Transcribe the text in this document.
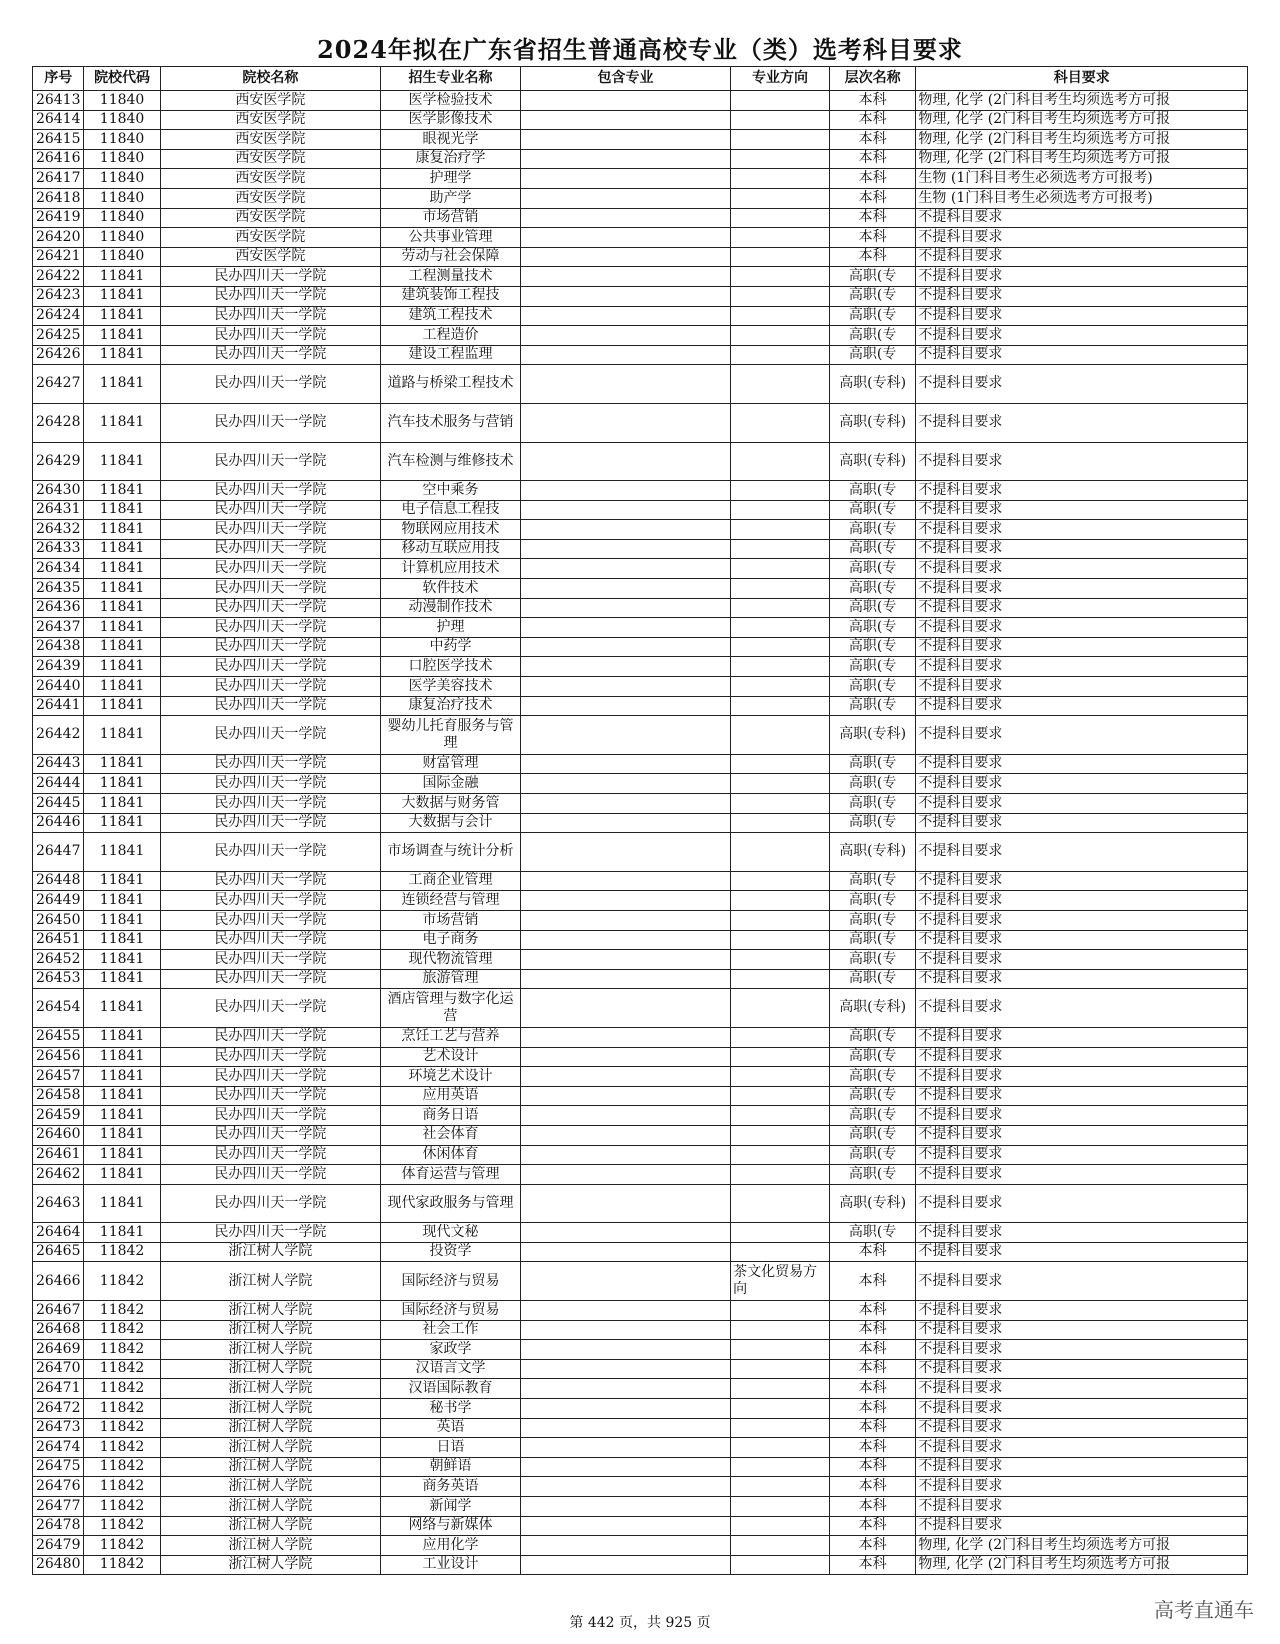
2024年拟在广东省招生普通高校专业（类）选考科目要求
序号	院校代码	院校名称	招生专业名称	包含专业	专业方向	层次名称	科目要求
26413	11840	西安医学院	医学检验技术			本科	物理, 化学 (2门科目考生均须选考方可报
26414	11840	西安医学院	医学影像技术			本科	物理, 化学 (2门科目考生均须选考方可报
26415	11840	西安医学院	眼视光学			本科	物理, 化学 (2门科目考生均须选考方可报
26416	11840	西安医学院	康复治疗学			本科	物理, 化学 (2门科目考生均须选考方可报
26417	11840	西安医学院	护理学			本科	生物 (1门科目考生必须选考方可报考)
26418	11840	西安医学院	助产学			本科	生物 (1门科目考生必须选考方可报考)
26419	11840	西安医学院	市场营销			本科	不提科目要求
26420	11840	西安医学院	公共事业管理			本科	不提科目要求
26421	11840	西安医学院	劳动与社会保障			本科	不提科目要求
26422	11841	民办四川天一学院	工程测量技术			高职(专	不提科目要求
26423	11841	民办四川天一学院	建筑装饰工程技			高职(专	不提科目要求
26424	11841	民办四川天一学院	建筑工程技术			高职(专	不提科目要求
26425	11841	民办四川天一学院	工程造价			高职(专	不提科目要求
26426	11841	民办四川天一学院	建设工程监理			高职(专	不提科目要求
26427	11841	民办四川天一学院	道路与桥梁工程技术			高职(专科)	不提科目要求
26428	11841	民办四川天一学院	汽车技术服务与营销			高职(专科)	不提科目要求
26429	11841	民办四川天一学院	汽车检测与维修技术			高职(专科)	不提科目要求
26430	11841	民办四川天一学院	空中乘务			高职(专	不提科目要求
26431	11841	民办四川天一学院	电子信息工程技			高职(专	不提科目要求
26432	11841	民办四川天一学院	物联网应用技术			高职(专	不提科目要求
26433	11841	民办四川天一学院	移动互联应用技			高职(专	不提科目要求
26434	11841	民办四川天一学院	计算机应用技术			高职(专	不提科目要求
26435	11841	民办四川天一学院	软件技术			高职(专	不提科目要求
26436	11841	民办四川天一学院	动漫制作技术			高职(专	不提科目要求
26437	11841	民办四川天一学院	护理			高职(专	不提科目要求
26438	11841	民办四川天一学院	中药学			高职(专	不提科目要求
26439	11841	民办四川天一学院	口腔医学技术			高职(专	不提科目要求
26440	11841	民办四川天一学院	医学美容技术			高职(专	不提科目要求
26441	11841	民办四川天一学院	康复治疗技术			高职(专	不提科目要求
26442	11841	民办四川天一学院	婴幼儿托育服务与管理			高职(专科)	不提科目要求
26443	11841	民办四川天一学院	财富管理			高职(专	不提科目要求
26444	11841	民办四川天一学院	国际金融			高职(专	不提科目要求
26445	11841	民办四川天一学院	大数据与财务管			高职(专	不提科目要求
26446	11841	民办四川天一学院	大数据与会计			高职(专	不提科目要求
26447	11841	民办四川天一学院	市场调查与统计分析			高职(专科)	不提科目要求
26448	11841	民办四川天一学院	工商企业管理			高职(专	不提科目要求
26449	11841	民办四川天一学院	连锁经营与管理			高职(专	不提科目要求
26450	11841	民办四川天一学院	市场营销			高职(专	不提科目要求
26451	11841	民办四川天一学院	电子商务			高职(专	不提科目要求
26452	11841	民办四川天一学院	现代物流管理			高职(专	不提科目要求
26453	11841	民办四川天一学院	旅游管理			高职(专	不提科目要求
26454	11841	民办四川天一学院	酒店管理与数字化运营			高职(专科)	不提科目要求
26455	11841	民办四川天一学院	烹饪工艺与营养			高职(专	不提科目要求
26456	11841	民办四川天一学院	艺术设计			高职(专	不提科目要求
26457	11841	民办四川天一学院	环境艺术设计			高职(专	不提科目要求
26458	11841	民办四川天一学院	应用英语			高职(专	不提科目要求
26459	11841	民办四川天一学院	商务日语			高职(专	不提科目要求
26460	11841	民办四川天一学院	社会体育			高职(专	不提科目要求
26461	11841	民办四川天一学院	休闲体育			高职(专	不提科目要求
26462	11841	民办四川天一学院	体育运营与管理			高职(专	不提科目要求
26463	11841	民办四川天一学院	现代家政服务与管理			高职(专科)	不提科目要求
26464	11841	民办四川天一学院	现代文秘			高职(专	不提科目要求
26465	11842	浙江树人学院	投资学			本科	不提科目要求
26466	11842	浙江树人学院	国际经济与贸易		茶文化贸易方向	本科	不提科目要求
26467	11842	浙江树人学院	国际经济与贸易			本科	不提科目要求
26468	11842	浙江树人学院	社会工作			本科	不提科目要求
26469	11842	浙江树人学院	家政学			本科	不提科目要求
26470	11842	浙江树人学院	汉语言文学			本科	不提科目要求
26471	11842	浙江树人学院	汉语国际教育			本科	不提科目要求
26472	11842	浙江树人学院	秘书学			本科	不提科目要求
26473	11842	浙江树人学院	英语			本科	不提科目要求
26474	11842	浙江树人学院	日语			本科	不提科目要求
26475	11842	浙江树人学院	朝鲜语			本科	不提科目要求
26476	11842	浙江树人学院	商务英语			本科	不提科目要求
26477	11842	浙江树人学院	新闻学			本科	不提科目要求
26478	11842	浙江树人学院	网络与新媒体			本科	不提科目要求
26479	11842	浙江树人学院	应用化学			本科	物理, 化学 (2门科目考生均须选考方可报
26480	11842	浙江树人学院	工业设计			本科	物理, 化学 (2门科目考生均须选考方可报
第 442 页，共 925 页
高考直通车
